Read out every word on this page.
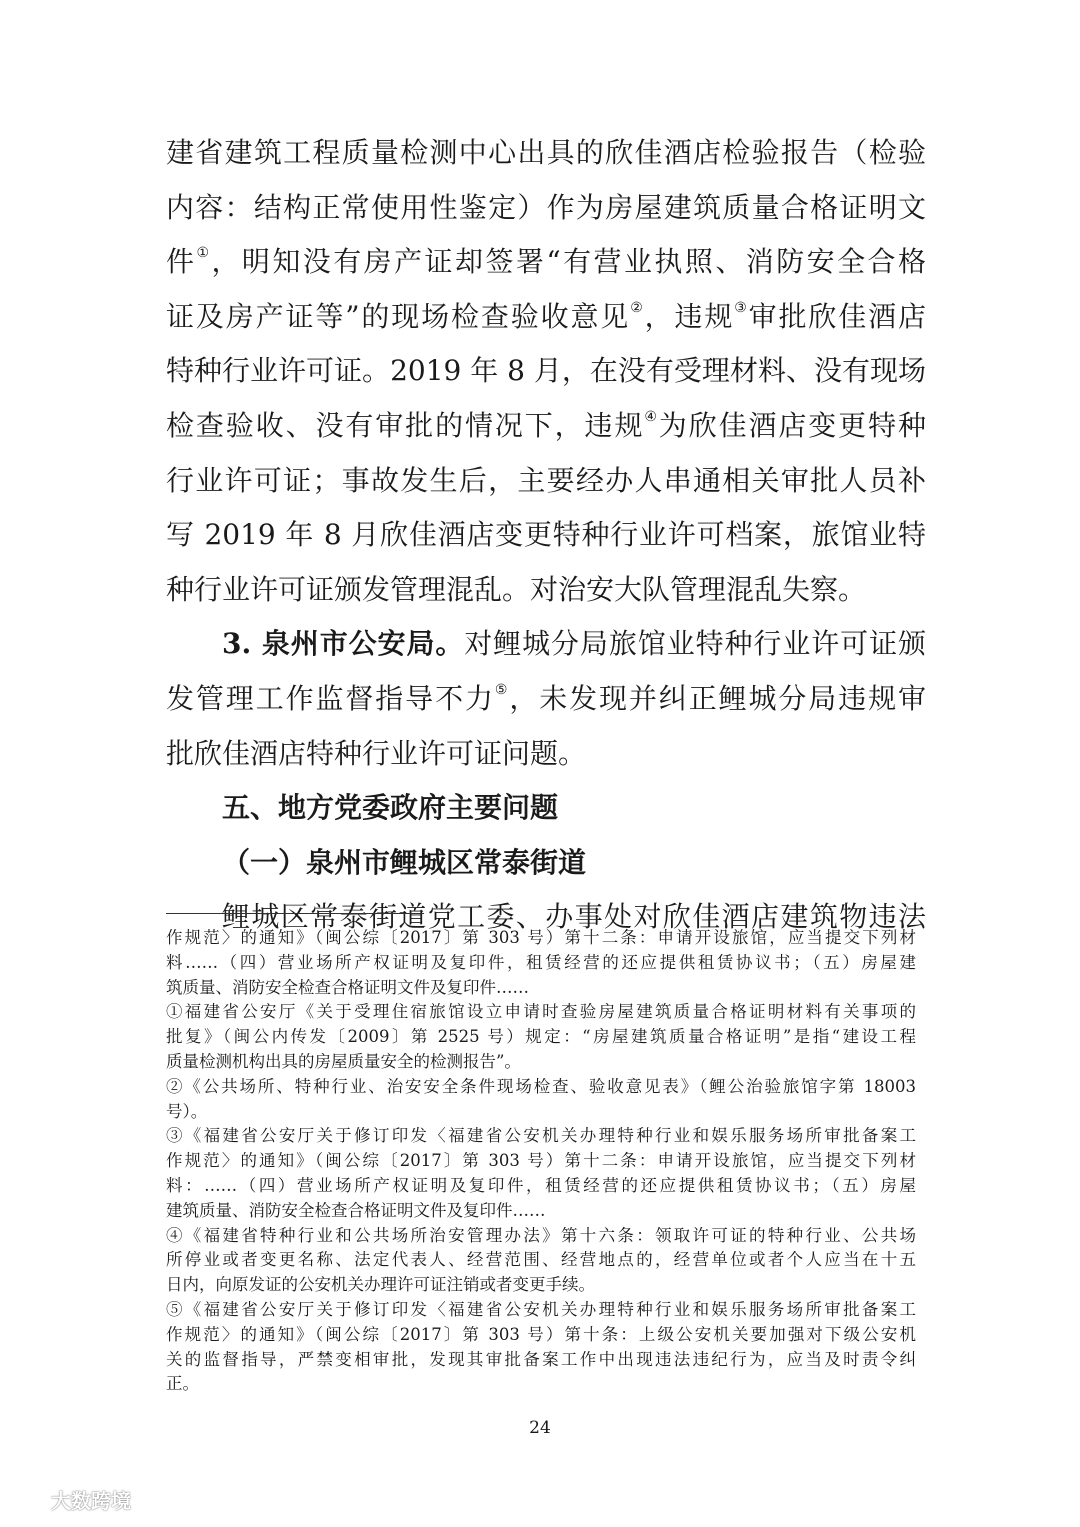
建省建筑工程质量检测中心出具的欣佳酒店检验报告（检验
内容：结构正常使用性鉴定）作为房屋建筑质量合格证明文
件①，明知没有房产证却签署“有营业执照、消防安全合格
证及房产证等”的现场检查验收意见②，违规③审批欣佳酒店
特种行业许可证。2019 年 8 月，在没有受理材料、没有现场
检查验收、没有审批的情况下，违规④为欣佳酒店变更特种
行业许可证；事故发生后，主要经办人串通相关审批人员补
写 2019 年 8 月欣佳酒店变更特种行业许可档案，旅馆业特
种行业许可证颁发管理混乱。对治安大队管理混乱失察。
3. 泉州市公安局。对鲤城分局旅馆业特种行业许可证颁
发管理工作监督指导不力⑤，未发现并纠正鲤城分局违规审
批欣佳酒店特种行业许可证问题。
五、地方党委政府主要问题
（一）泉州市鲤城区常泰街道
鲤城区常泰街道党工委、办事处对欣佳酒店建筑物违法
作规范〉的通知》（闽公综〔2017〕第 303 号）第十二条：申请开设旅馆，应当提交下列材
料……（四）营业场所产权证明及复印件，租赁经营的还应提供租赁协议书；（五）房屋建
筑质量、消防安全检查合格证明文件及复印件……
①福建省公安厅《关于受理住宿旅馆设立申请时查验房屋建筑质量合格证明材料有关事项的
批复》（闽公内传发〔2009〕第 2525 号）规定：“房屋建筑质量合格证明”是指“建设工程
质量检测机构出具的房屋质量安全的检测报告”。
②《公共场所、特种行业、治安安全条件现场检查、验收意见表》（鲤公治验旅馆字第 18003
号）。
③《福建省公安厅关于修订印发〈福建省公安机关办理特种行业和娱乐服务场所审批备案工
作规范〉的通知》（闽公综〔2017〕第 303 号）第十二条：申请开设旅馆，应当提交下列材
料：……（四）营业场所产权证明及复印件，租赁经营的还应提供租赁协议书；（五）房屋
建筑质量、消防安全检查合格证明文件及复印件……
④《福建省特种行业和公共场所治安管理办法》第十六条：领取许可证的特种行业、公共场
所停业或者变更名称、法定代表人、经营范围、经营地点的，经营单位或者个人应当在十五
日内，向原发证的公安机关办理许可证注销或者变更手续。
⑤《福建省公安厅关于修订印发〈福建省公安机关办理特种行业和娱乐服务场所审批备案工
作规范〉的通知》（闽公综〔2017〕第 303 号）第十条：上级公安机关要加强对下级公安机
关的监督指导，严禁变相审批，发现其审批备案工作中出现违法违纪行为，应当及时责令纠
正。
24
大数跨境
